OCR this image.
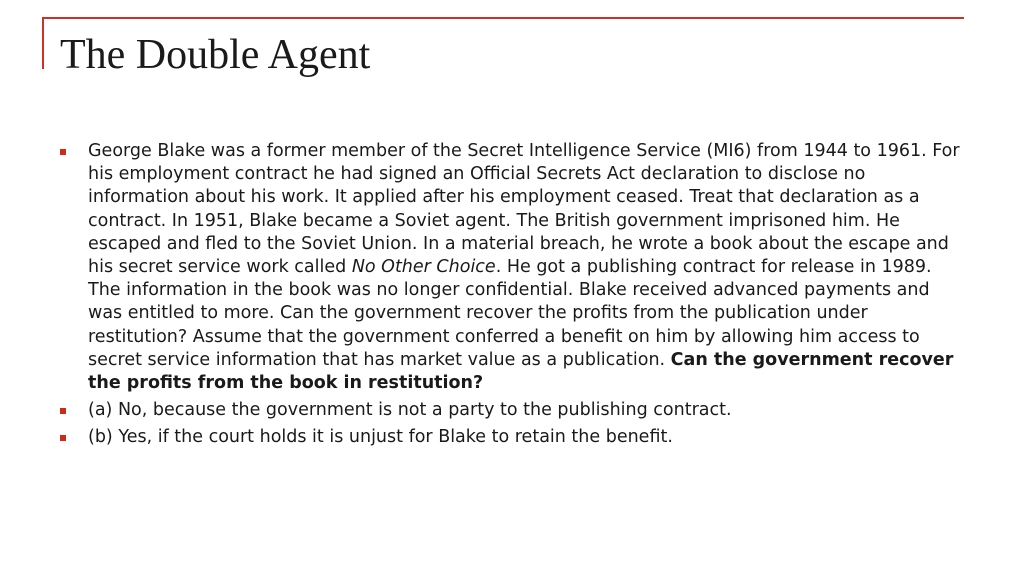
The Double Agent
George Blake was a former member of the Secret Intelligence Service (MI6) from 1944 to 1961. For his employment contract he had signed an Official Secrets Act declaration to disclose no information about his work. It applied after his employment ceased. Treat that declaration as a contract. In 1951, Blake became a Soviet agent. The British government imprisoned him. He escaped and fled to the Soviet Union. In a material breach, he wrote a book about the escape and his secret service work called No Other Choice. He got a publishing contract for release in 1989. The information in the book was no longer confidential. Blake received advanced payments and was entitled to more. Can the government recover the profits from the publication under restitution? Assume that the government conferred a benefit on him by allowing him access to secret service information that has market value as a publication. Can the government recover the profits from the book in restitution?
(a) No, because the government is not a party to the publishing contract.
(b) Yes, if the court holds it is unjust for Blake to retain the benefit.
